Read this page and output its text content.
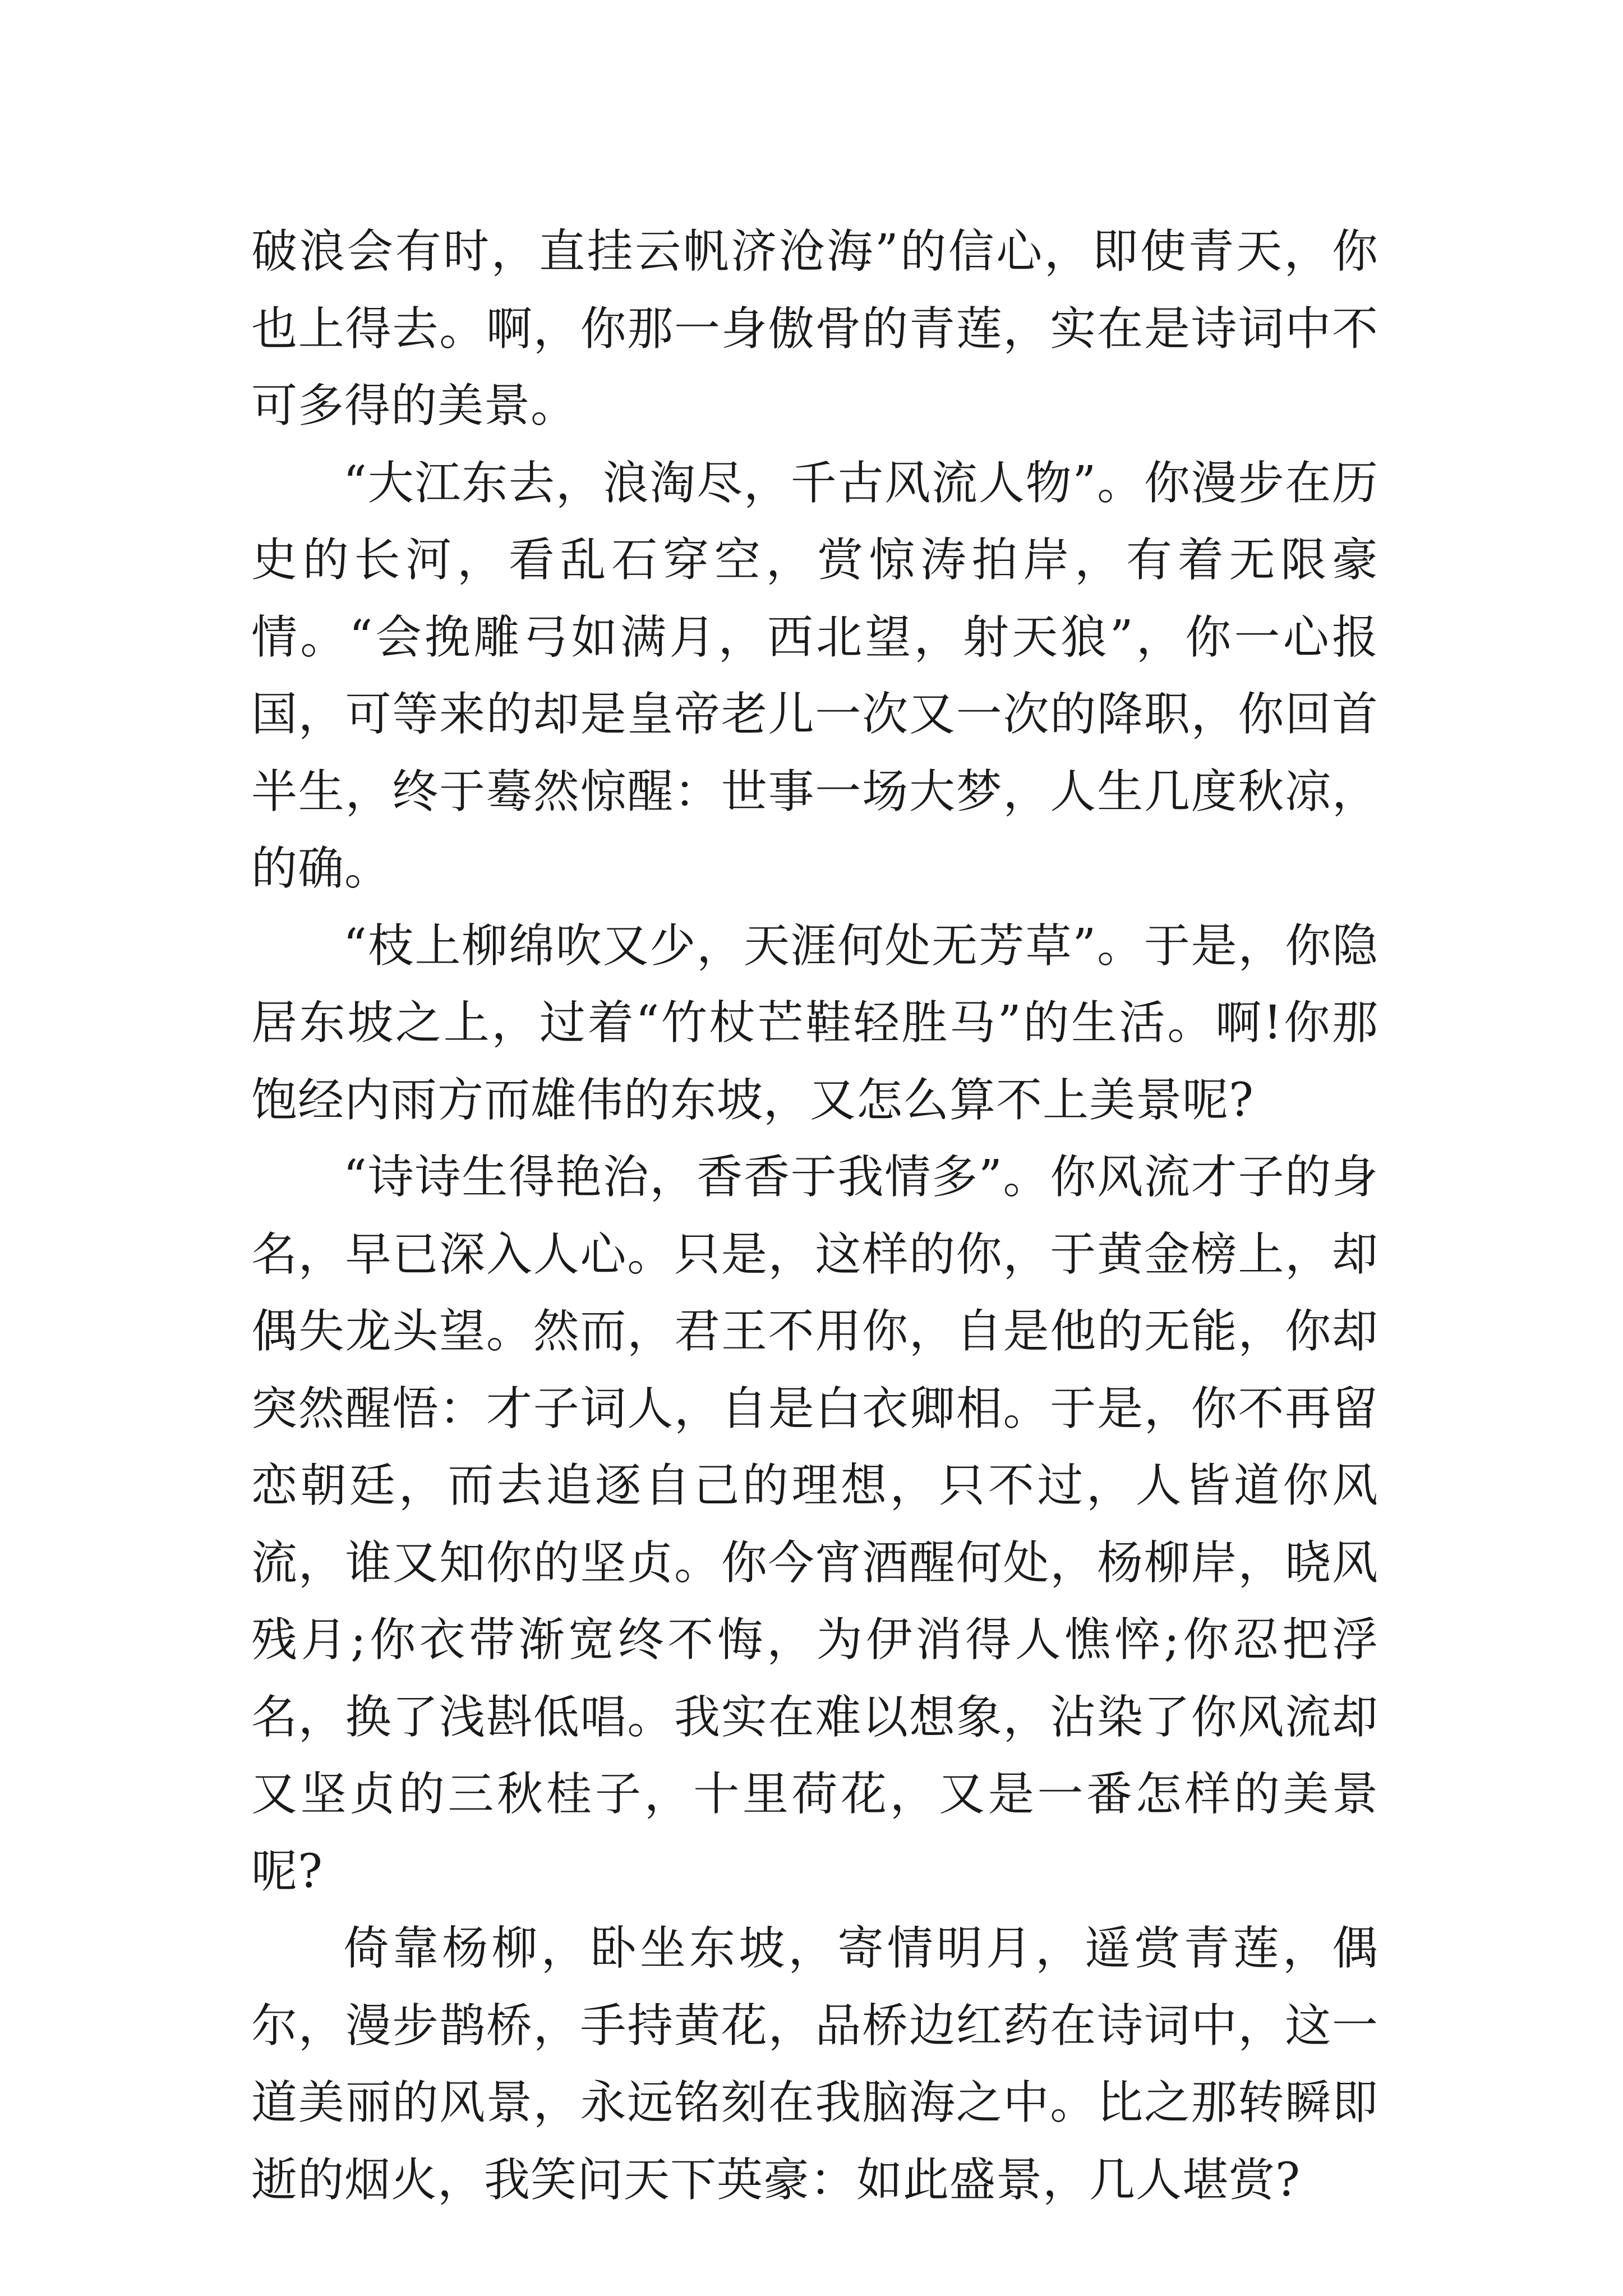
破浪会有时，直挂云帆济沧海”的信心，即使青天，你也上得去。啊，你那一身傲骨的青莲，实在是诗词中不可多得的美景。

“大江东去，浪淘尽，千古风流人物”。你漫步在历史的长河，看乱石穿空，赏惊涛拍岸，有着无限豪情。“会挽雕弓如满月，西北望，射天狼”，你一心报国，可等来的却是皇帝老儿一次又一次的降职，你回首半生，终于蓦然惊醒：世事一场大梦，人生几度秋凉，的确。

“枝上柳绵吹又少，天涯何处无芳草”。于是，你隐居东坡之上，过着“竹杖芒鞋轻胜马”的生活。啊!你那饱经内雨方而雄伟的东坡，又怎么算不上美景呢?

“诗诗生得艳治，香香于我情多”。你风流才子的身名，早已深入人心。只是，这样的你，于黄金榜上，却偶失龙头望。然而，君王不用你，自是他的无能，你却突然醒悟：才子词人，自是白衣卿相。于是，你不再留恋朝廷，而去追逐自己的理想，只不过，人皆道你风流，谁又知你的坚贞。你今宵酒醒何处，杨柳岸，晓风残月;你衣带渐宽终不悔，为伊消得人憔悴;你忍把浮名，换了浅斟低唱。我实在难以想象，沾染了你风流却又坚贞的三秋桂子，十里荷花，又是一番怎样的美景呢?

倚靠杨柳，卧坐东坡，寄情明月，遥赏青莲，偶尔，漫步鹊桥，手持黄花，品桥边红药在诗词中，这一道美丽的风景，永远铭刻在我脑海之中。比之那转瞬即逝的烟火，我笑问天下英豪：如此盛景，几人堪赏?
